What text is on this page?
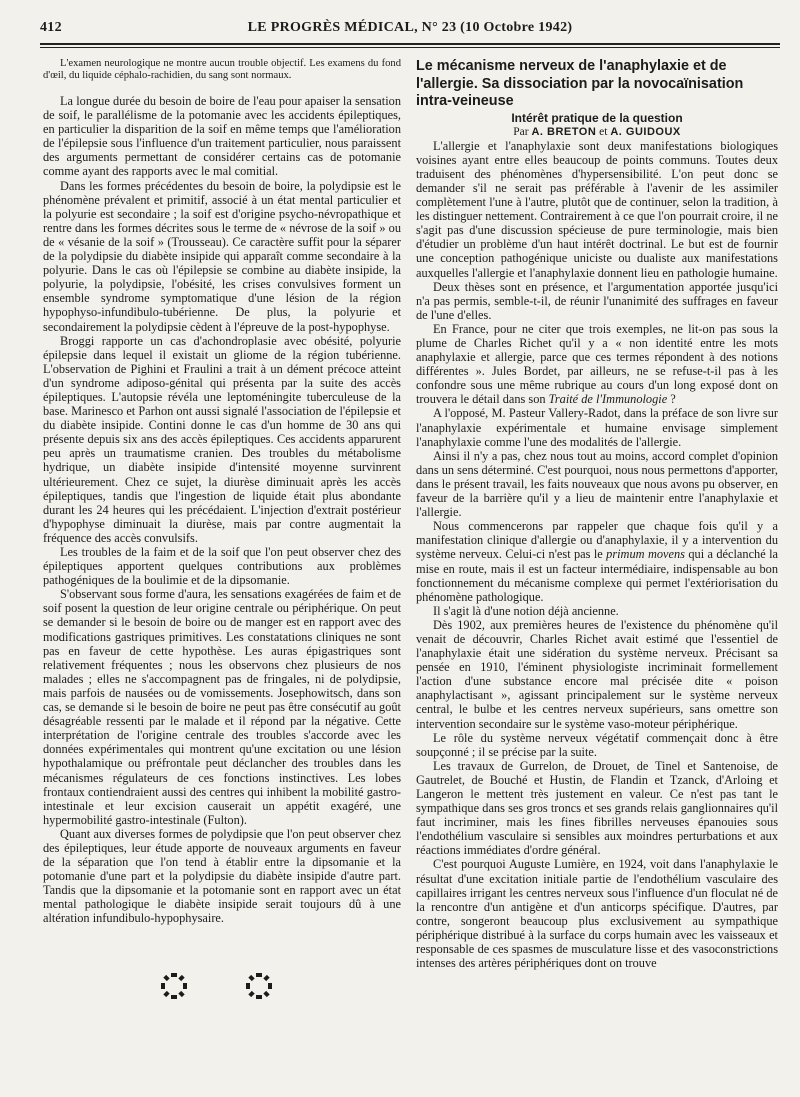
412	LE PROGRÈS MÉDICAL, N° 23 (10 Octobre 1942)

L'examen neurologique ne montre aucun trouble objectif. Les examens du fond d'œil, du liquide céphalo-rachidien, du sang sont normaux.

La longue durée du besoin de boire de l'eau pour apaiser la sensation de soif, le parallélisme de la potomanie avec les accidents épileptiques, en particulier la disparition de la soif en même temps que l'amélioration de l'épilepsie sous l'influence d'un traitement particulier, nous paraissent des arguments permettant de considérer certains cas de potomanie comme ayant des rapports avec le mal comitial.

Dans les formes précédentes du besoin de boire, la polydipsie est le phénomène prévalent et primitif, associé à un état mental particulier et la polyurie est secondaire ; la soif est d'origine psycho-névropathique et rentre dans les formes décrites sous le terme de « névrose de la soif » ou de « vésanie de la soif » (Trousseau). Ce caractère suffit pour la séparer de la polydipsie du diabète insipide qui apparaît comme secondaire à la polyurie. Dans le cas où l'épilepsie se combine au diabète insipide, la polyurie, la polydipsie, l'obésité, les crises convulsives forment un ensemble syndrome symptomatique d'une lésion de la région hypophyso-infundibulo-tubérienne. De plus, la polyurie et secondairement la polydipsie cèdent à l'épreuve de la post-hypophyse.

Broggi rapporte un cas d'achondroplasie avec obésité, polyurie épilepsie dans lequel il existait un gliome de la région tubérienne. L'observation de Pighini et Fraulini a trait à un dément précoce atteint d'un syndrome adiposo-génital qui présenta par la suite des accès épileptiques. L'autopsie révéla une leptoméningite tuberculeuse de la base. Marinesco et Parhon ont aussi signalé l'association de l'épilepsie et du diabète insipide. Contini donne le cas d'un homme de 30 ans qui présente depuis six ans des accès épileptiques. Ces accidents apparurent peu après un traumatisme cranien. Des troubles du métabolisme hydrique, un diabète insipide d'intensité moyenne survinrent ultérieurement. Chez ce sujet, la diurèse diminuait après les accès épileptiques, tandis que l'ingestion de liquide était plus abondante durant les 24 heures qui les précédaient. L'injection d'extrait postérieur d'hypophyse diminuait la diurèse, mais par contre augmentait la fréquence des accès convulsifs.

Les troubles de la faim et de la soif que l'on peut observer chez des épileptiques apportent quelques contributions aux problèmes pathogéniques de la boulimie et de la dipsomanie.

S'observant sous forme d'aura, les sensations exagérées de faim et de soif posent la question de leur origine centrale ou périphérique. On peut se demander si le besoin de boire ou de manger est en rapport avec des modifications gastriques primitives. Les constatations cliniques ne sont pas en faveur de cette hypothèse. Les auras épigastriques sont relativement fréquentes ; nous les observons chez plusieurs de nos malades ; elles ne s'accompagnent pas de fringales, ni de polydipsie, mais parfois de nausées ou de vomissements. Josephowitsch, dans son cas, se demande si le besoin de boire ne peut pas être consécutif au goût désagréable ressenti par le malade et il répond par la négative. Cette interprétation de l'origine centrale des troubles s'accorde avec les données expérimentales qui montrent qu'une excitation ou une lésion hypothalamique ou préfrontale peut déclancher des troubles dans les mécanismes régulateurs de ces fonctions instinctives. Les lobes frontaux contiendraient aussi des centres qui inhibent la mobilité gastro-intestinale et leur excision causerait un appétit exagéré, une hypermobilité gastro-intestinale (Fulton).

Quant aux diverses formes de polydipsie que l'on peut observer chez des épileptiques, leur étude apporte de nouveaux arguments en faveur de la séparation que l'on tend à établir entre la dipsomanie et la potomanie d'une part et la polydipsie du diabète insipide d'autre part. Tandis que la dipsomanie et la potomanie sont en rapport avec un état mental pathologique le diabète insipide serait toujours dû à une altération infundibulo-hypophysaire.

Le mécanisme nerveux de l'anaphylaxie et de l'allergie. Sa dissociation par la novocaïnisation intra-veineuse

Intérêt pratique de la question

Par A. BRETON et A. GUIDOUX

L'allergie et l'anaphylaxie sont deux manifestations biologiques voisines ayant entre elles beaucoup de points communs. Toutes deux traduisent des phénomènes d'hypersensibilité. L'on peut donc se demander s'il ne serait pas préférable à l'avenir de les assimiler complètement l'une à l'autre, plutôt que de continuer, selon la tradition, à les distinguer nettement. Contrairement à ce que l'on pourrait croire, il ne s'agit pas d'une discussion spécieuse de pure terminologie, mais bien d'étudier un problème d'un haut intérêt doctrinal. Le but est de fournir une conception pathogénique uniciste ou dualiste aux manifestations auxquelles l'allergie et l'anaphylaxie donnent lieu en pathologie humaine.

Deux thèses sont en présence, et l'argumentation apportée jusqu'ici n'a pas permis, semble-t-il, de réunir l'unanimité des suffrages en faveur de l'une d'elles.

En France, pour ne citer que trois exemples, ne lit-on pas sous la plume de Charles Richet qu'il y a « non identité entre les mots anaphylaxie et allergie, parce que ces termes répondent à des notions différentes ». Jules Bordet, par ailleurs, ne se refuse-t-il pas à les confondre sous une même rubrique au cours d'un long exposé dont on trouvera le détail dans son Traité de l'Immunologie ?

A l'opposé, M. Pasteur Vallery-Radot, dans la préface de son livre sur l'anaphylaxie expérimentale et humaine envisage simplement l'anaphylaxie comme l'une des modalités de l'allergie.

Ainsi il n'y a pas, chez nous tout au moins, accord complet d'opinion dans un sens déterminé. C'est pourquoi, nous nous permettons d'apporter, dans le présent travail, les faits nouveaux que nous avons pu observer, en faveur de la barrière qu'il y a lieu de maintenir entre l'anaphylaxie et l'allergie.

Nous commencerons par rappeler que chaque fois qu'il y a manifestation clinique d'allergie ou d'anaphylaxie, il y a intervention du système nerveux. Celui-ci n'est pas le primum movens qui a déclanché la mise en route, mais il est un facteur intermédiaire, indispensable au bon fonctionnement du mécanisme complexe qui permet l'extériorisation du phénomène pathologique.

Il s'agit là d'une notion déjà ancienne.

Dès 1902, aux premières heures de l'existence du phénomène qu'il venait de découvrir, Charles Richet avait estimé que l'essentiel de l'anaphylaxie était une sidération du système nerveux. Précisant sa pensée en 1910, l'éminent physiologiste incriminait formellement l'action d'une substance encore mal précisée dite « poison anaphylactisant », agissant principalement sur le système nerveux central, le bulbe et les centres nerveux supérieurs, sans omettre son intervention secondaire sur le système vaso-moteur périphérique.

Le rôle du système nerveux végétatif commençait donc à être soupçonné ; il se précise par la suite.

Les travaux de Gurrelon, de Drouet, de Tinel et Santenoise, de Gautrelet, de Bouché et Hustin, de Flandin et Tzanck, d'Arloing et Langeron le mettent très justement en valeur. Ce n'est pas tant le sympathique dans ses gros troncs et ses grands relais ganglionnaires qu'il faut incriminer, mais les fines fibrilles nerveuses épanouies sous l'endothélium vasculaire si sensibles aux moindres perturbations et aux réactions immédiates d'ordre général.

C'est pourquoi Auguste Lumière, en 1924, voit dans l'anaphylaxie le résultat d'une excitation initiale partie de l'endothélium vasculaire des capillaires irrigant les centres nerveux sous l'influence d'un floculat né de la rencontre d'un antigène et d'un anticorps spécifique. D'autres, par contre, songeront beaucoup plus exclusivement au sympathique périphérique distribué à la surface du corps humain avec les vaisseaux et responsable de ces spasmes de musculature lisse et des vasoconstrictions intenses des artères périphériques dont on trouve
